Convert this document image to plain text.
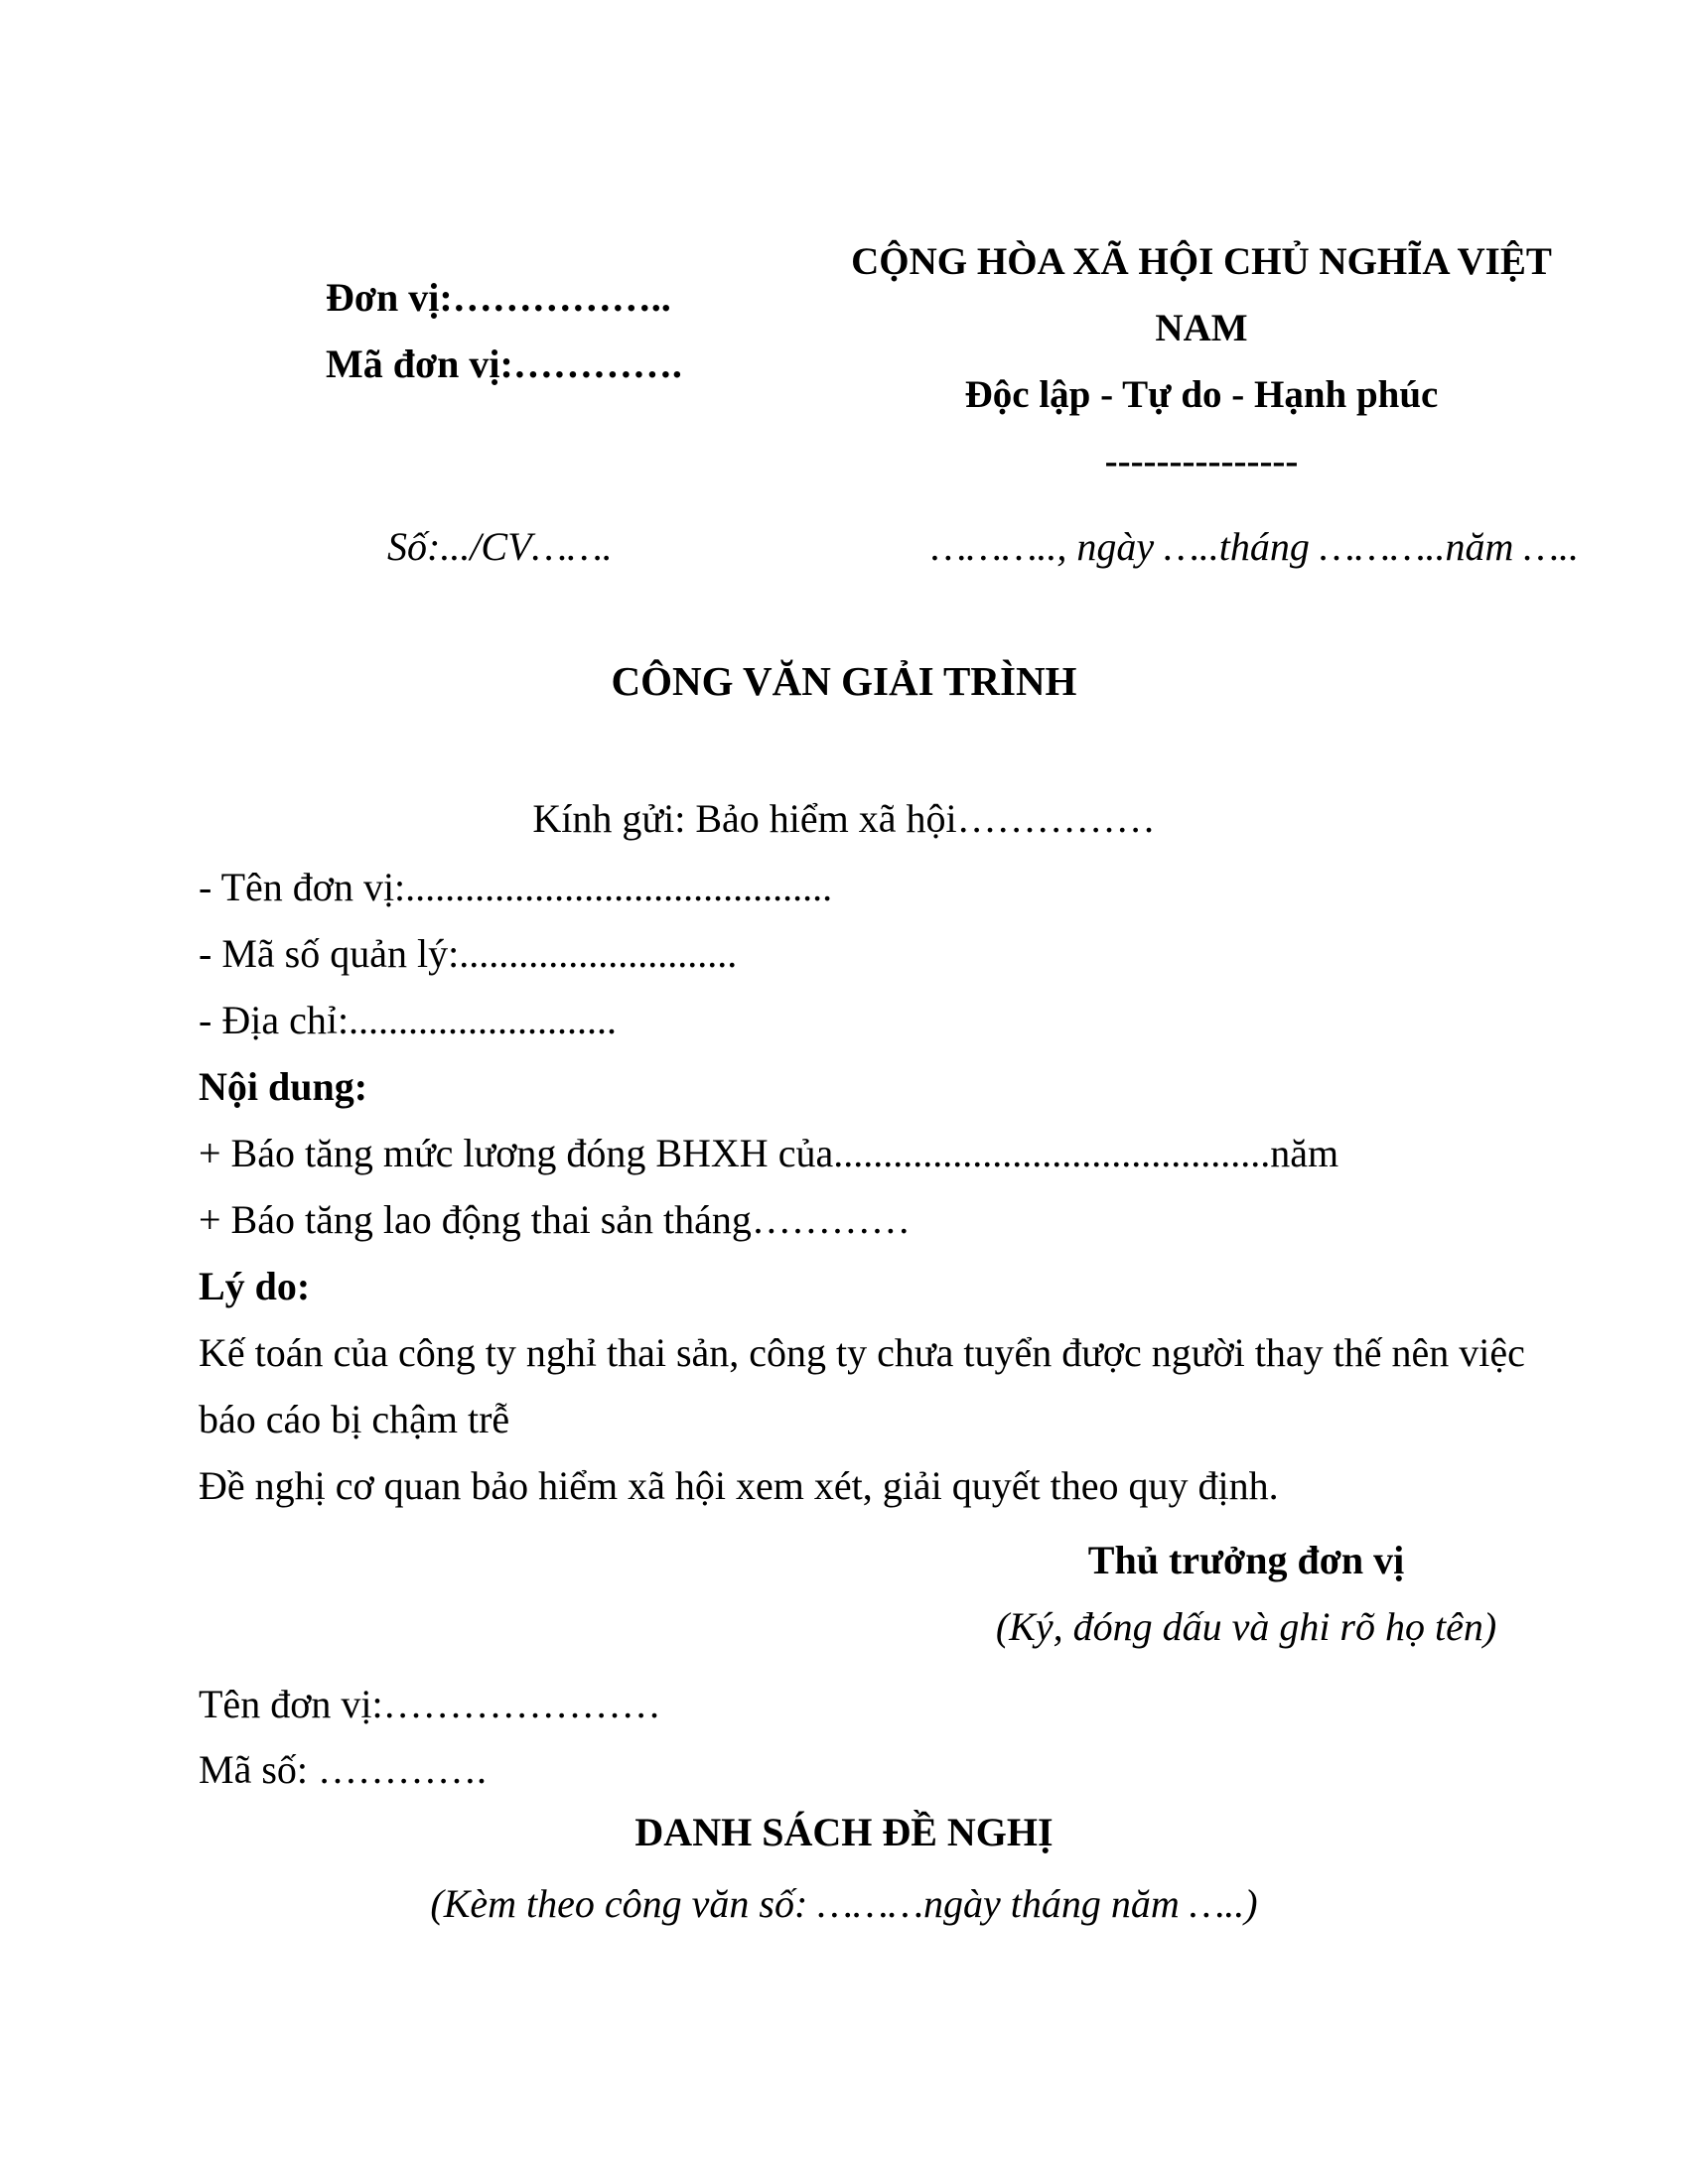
Đơn vị:……………..
Mã đơn vị:………….
CỘNG HÒA XÃ HỘI CHỦ NGHĨA VIỆT
NAM
Độc lập - Tự do - Hạnh phúc
---------------
Số:.../CV…….	……….., ngày …..tháng ………..năm …..
CÔNG VĂN GIẢI TRÌNH
Kính gửi: Bảo hiểm xã hội……………
- Tên đơn vị:...........................................
- Mã số quản lý:............................
- Địa chỉ:...........................
Nội dung:
+ Báo tăng mức lương đóng BHXH của............................................năm
+ Báo tăng lao động thai sản tháng…………
Lý do:
Kế toán của công ty nghỉ thai sản, công ty chưa tuyển được người thay thế nên việc
báo cáo bị chậm trễ
Đề nghị cơ quan bảo hiểm xã hội xem xét, giải quyết theo quy định.
Thủ trưởng đơn vị
(Ký, đóng dấu và ghi rõ họ tên)
Tên đơn vị:…………………
Mã số: ………….
DANH SÁCH ĐỀ NGHỊ
(Kèm theo công văn số: ………ngày tháng năm …..)
